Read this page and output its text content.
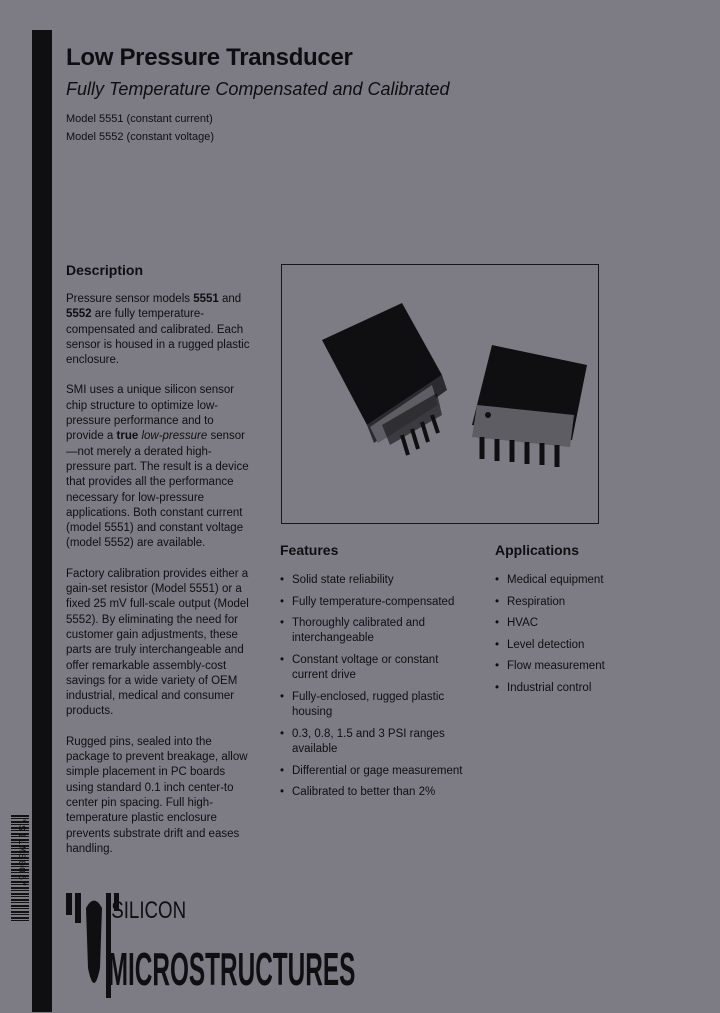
*SILMS005*
Low Pressure Transducer
Fully Temperature Compensated and Calibrated
Model 5551 (constant current)
Model 5552 (constant voltage)
Description

Pressure sensor models 5551 and 5552 are fully temperature-compensated and calibrated. Each sensor is housed in a rugged plastic enclosure.

SMI uses a unique silicon sensor chip structure to optimize low-pressure performance and to provide a true low-pressure sensor—not merely a derated high-pressure part. The result is a device that provides all the performance necessary for low-pressure applications. Both constant current (model 5551) and constant voltage (model 5552) are available.

Factory calibration provides either a gain-set resistor (Model 5551) or a fixed 25 mV full-scale output (Model 5552). By eliminating the need for customer gain adjustments, these parts are truly interchangeable and offer remarkable assembly-cost savings for a wide variety of OEM industrial, medical and consumer products.

Rugged pins, sealed into the package to prevent breakage, allow simple placement in PC boards using standard 0.1 inch center-to center pin spacing. Full high-temperature plastic enclosure prevents substrate drift and eases handling.

Features
• Solid state reliability
• Fully temperature-compensated
• Thoroughly calibrated and interchangeable
• Constant voltage or constant current drive
• Fully-enclosed, rugged plastic housing
• 0.3, 0.8, 1.5 and 3 PSI ranges available
• Differential or gage measurement
• Calibrated to better than 2%
Applications
• Medical equipment
• Respiration
• HVAC
• Level detection
• Flow measurement
• Industrial control
SILICON
MICROSTRUCTURES
